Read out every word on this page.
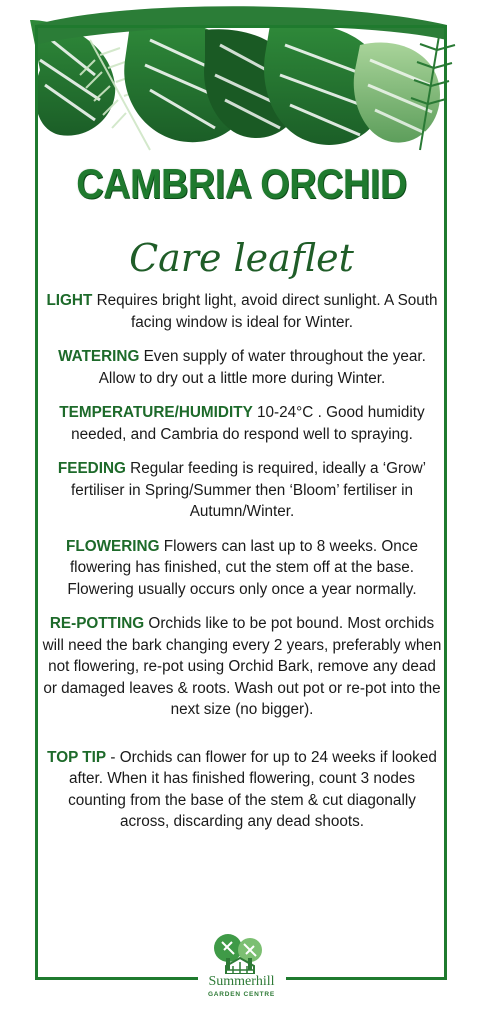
CAMBRIA ORCHID
Care leaflet

LIGHT Requires bright light, avoid direct sunlight. A South facing window is ideal for Winter.

WATERING Even supply of water throughout the year. Allow to dry out a little more during Winter.

TEMPERATURE/HUMIDITY 10-24°C . Good humidity needed, and Cambria do respond well to spraying.

FEEDING Regular feeding is required, ideally a ‘Grow’ fertiliser in Spring/Summer then ‘Bloom’ fertiliser in Autumn/Winter.

FLOWERING Flowers can last up to 8 weeks. Once flowering has finished, cut the stem off at the base. Flowering usually occurs only once a year normally.

RE-POTTING Orchids like to be pot bound. Most orchids will need the bark changing every 2 years, preferably when not flowering, re-pot using Orchid Bark, remove any dead or damaged leaves & roots. Wash out pot or re-pot into the next size (no bigger).

TOP TIP - Orchids can flower for up to 24 weeks if looked after. When it has finished flowering, count 3 nodes counting from the base of the stem & cut diagonally across, discarding any dead shoots.

Summerhill
GARDEN CENTRE
